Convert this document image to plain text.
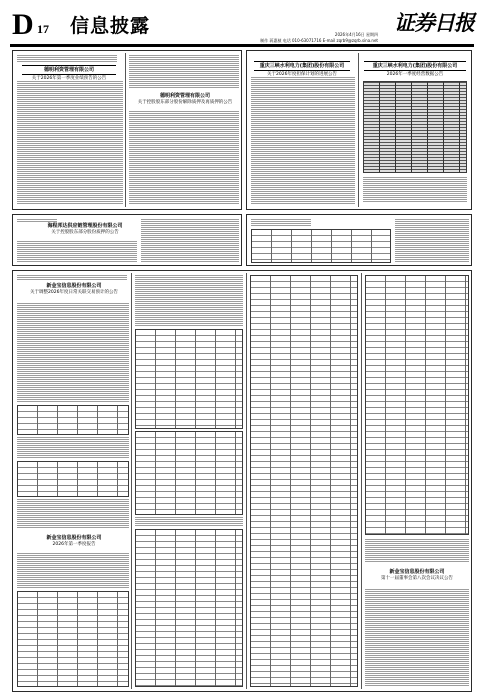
D 17 信息披露	2026年4月16日 星期四
制作 蒋惠桢 电话 010-63071716 E-mail zqrb9@zqrb.sina.net
证券日报
德明利资管理有限公司
关于2026年第一季度业绩预告的公告
德明利资管理有限公司
关于控股股东部分股份解除质押及再质押的公告
重庆三峡水利电力(集团)股份有限公司
关于2026年度担保计划的进展公告
重庆三峡水利电力(集团)股份有限公司
2026年一季度经营数据公告
海程邦达供应链管理股份有限公司
关于控股股东部分股份质押的公告
新金宝信息股份有限公司
关于调整2026年度日常关联交易预计的公告
新金宝信息股份有限公司
2026年第一季度报告
新金宝信息股份有限公司
第十一届董事会第八次会议决议公告
